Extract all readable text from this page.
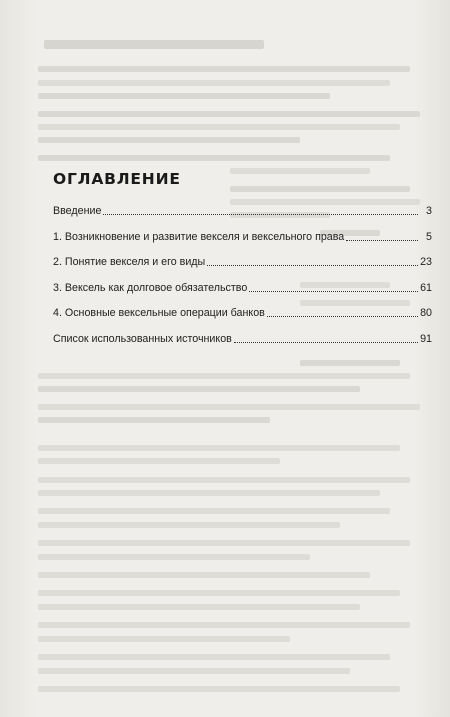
ОГЛАВЛЕНИЕ
Введение	3
1. Возникновение и развитие векселя и вексельного права	5
2. Понятие векселя и его виды	23
3. Вексель как долговое обязательство	61
4. Основные вексельные операции банков	80
Список использованных источников	91
